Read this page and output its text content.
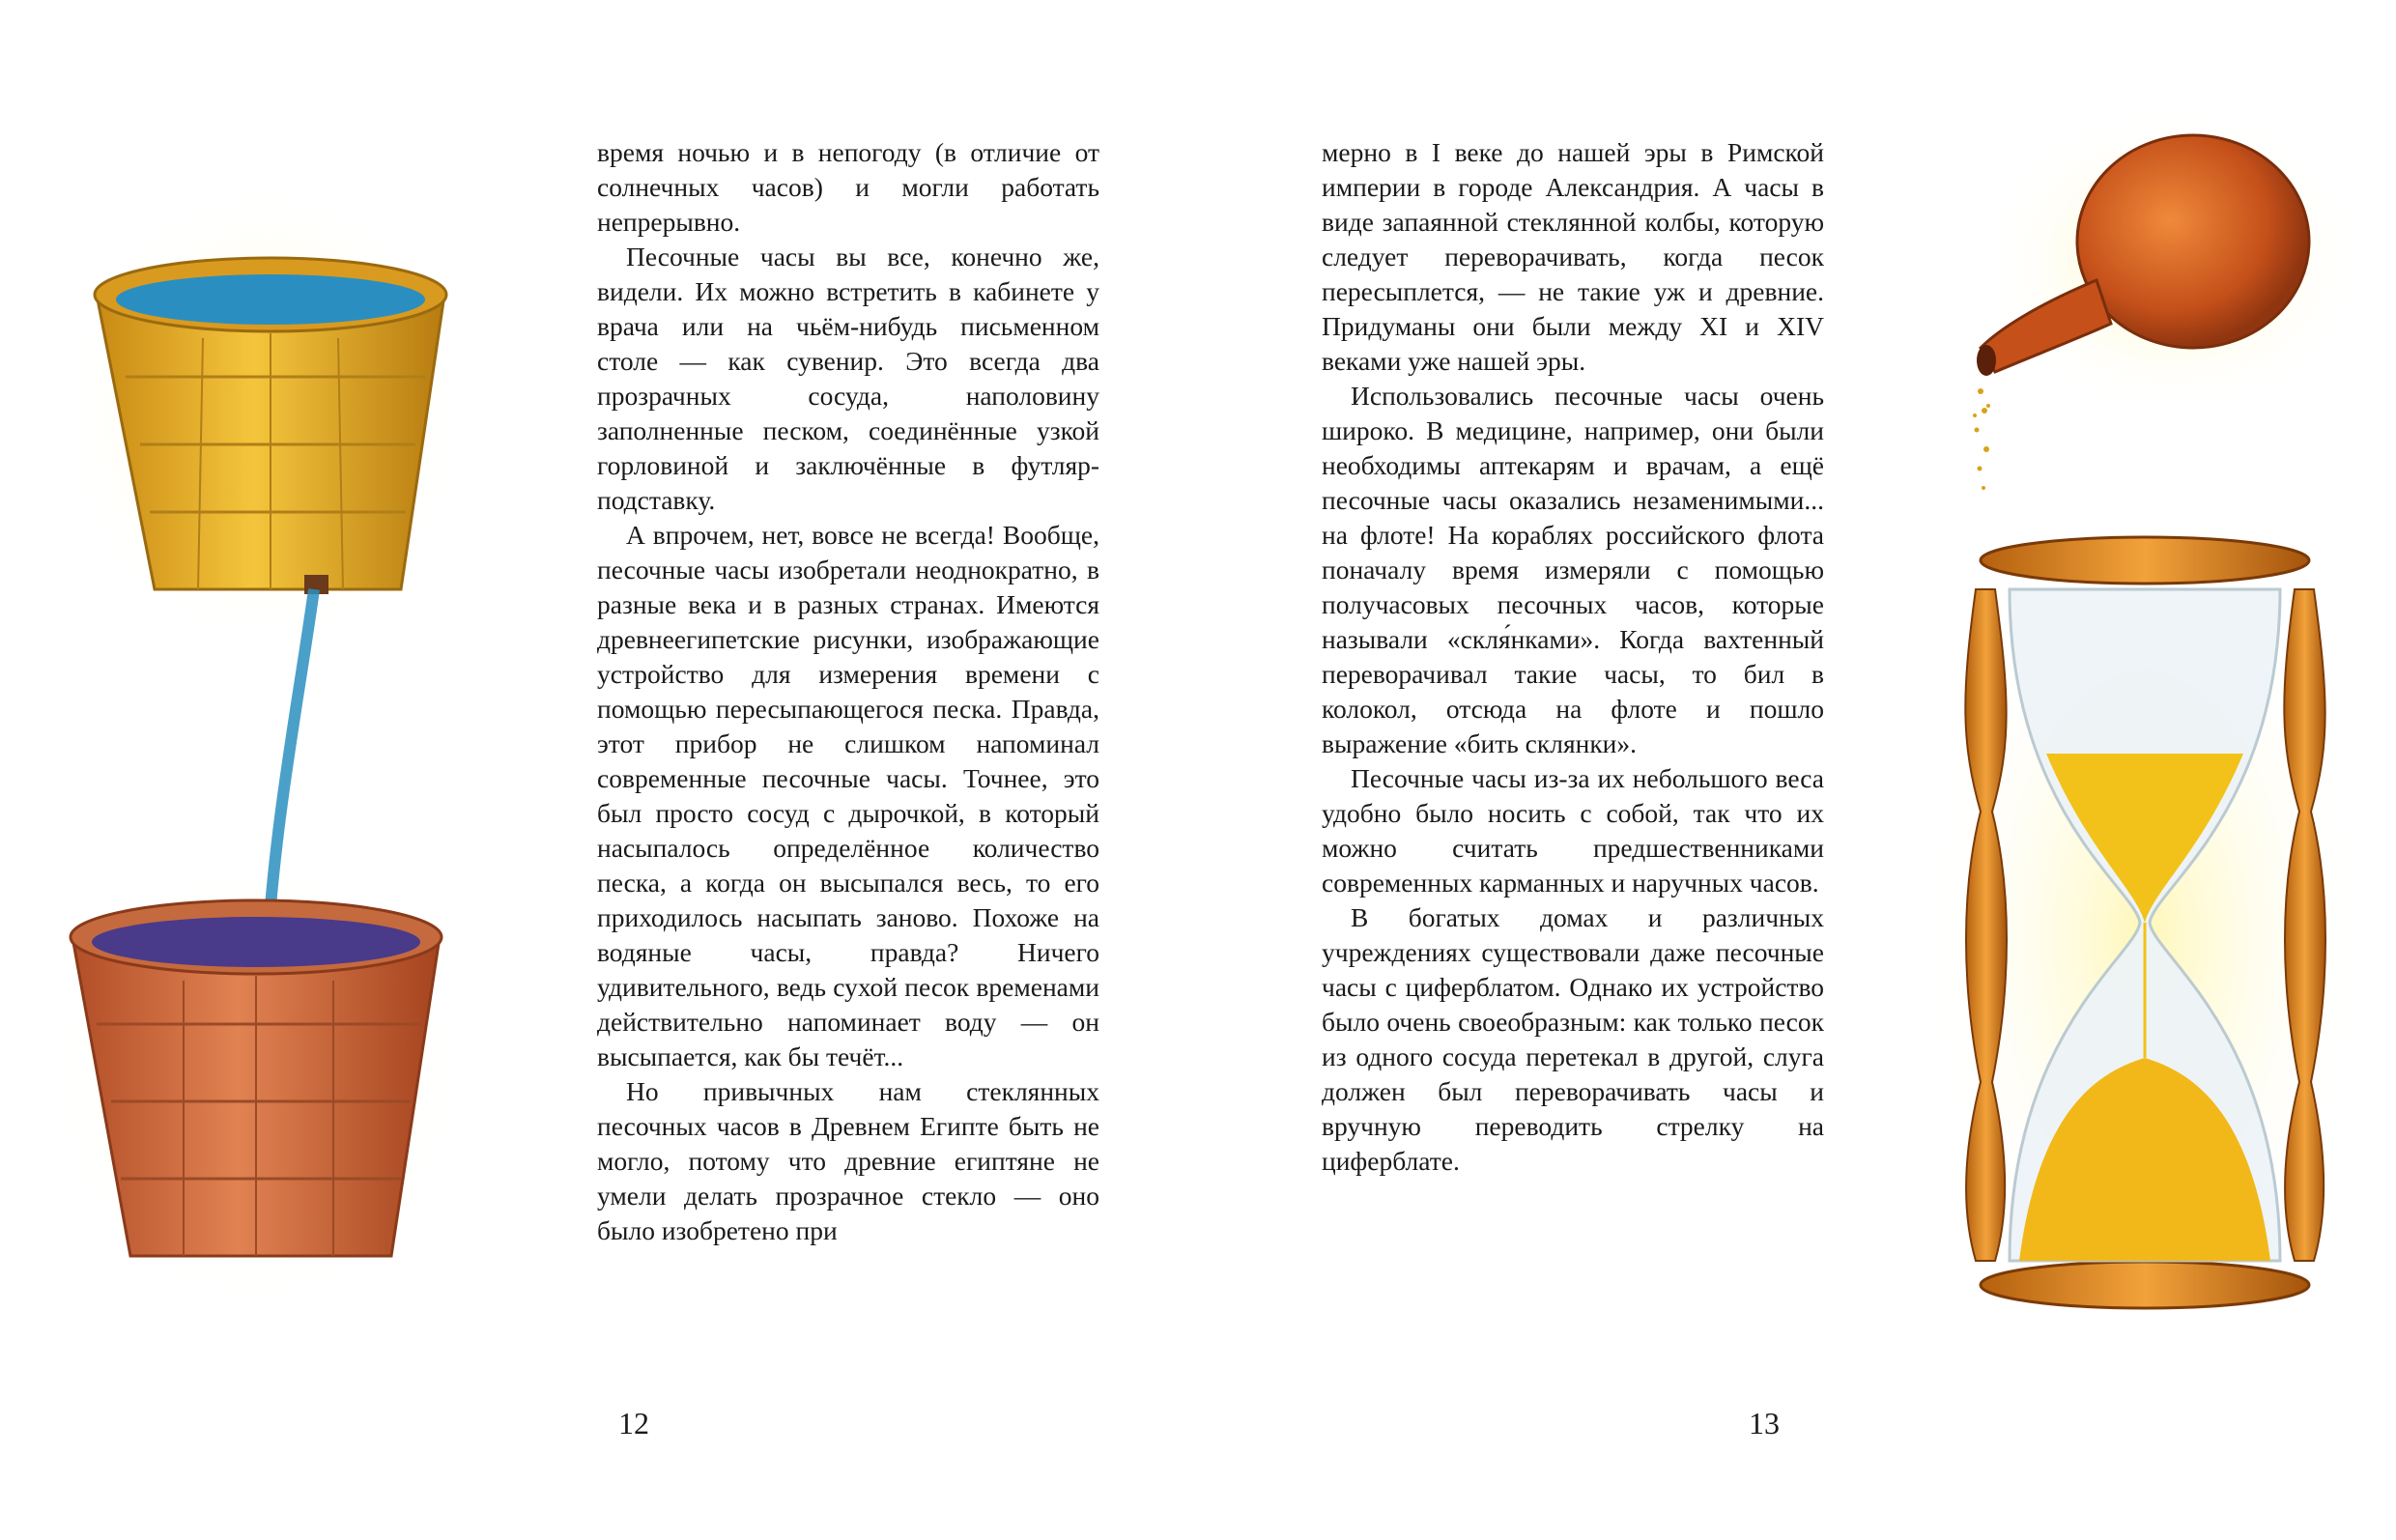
время ночью и в непогоду (в отличие от солнечных часов) и могли работать непрерывно.

Песочные часы вы все, конечно же, видели. Их можно встретить в кабинете у врача или на чьём-нибудь письменном столе — как сувенир. Это всегда два прозрачных сосуда, наполовину заполненные песком, соединённые узкой горловиной и заключённые в футляр-подставку.

А впрочем, нет, вовсе не всегда! Вообще, песочные часы изобретали неоднократно, в разные века и в разных странах. Имеются древнеегипетские рисунки, изображающие устройство для измерения времени с помощью пересыпающегося песка. Правда, этот прибор не слишком напоминал современные песочные часы. Точнее, это был просто сосуд с дырочкой, в который насыпалось определённое количество песка, а когда он высыпался весь, то его приходилось насыпать заново. Похоже на водяные часы, правда? Ничего удивительного, ведь сухой песок временами действительно напоминает воду — он высыпается, как бы течёт...

Но привычных нам стеклянных песочных часов в Древнем Египте быть не могло, потому что древние египтяне не умели делать прозрачное стекло — оно было изобретено при

12

мерно в I веке до нашей эры в Римской империи в городе Александрия. А часы в виде запаянной стеклянной колбы, которую следует переворачивать, когда песок пересыплется, — не такие уж и древние. Придуманы они были между XI и XIV веками уже нашей эры.

Использовались песочные часы очень широко. В медицине, например, они были необходимы аптекарям и врачам, а ещё песочные часы оказались незаменимыми... на флоте! На кораблях российского флота поначалу время измеряли с помощью получасовых песочных часов, которые называли «скля́нками». Когда вахтенный переворачивал такие часы, то бил в колокол, отсюда на флоте и пошло выражение «бить склянки».

Песочные часы из-за их небольшого веса удобно было носить с собой, так что их можно считать предшественниками современных карманных и наручных часов.

В богатых домах и различных учреждениях существовали даже песочные часы с циферблатом. Однако их устройство было очень своеобразным: как только песок из одного сосуда перетекал в другой, слуга должен был переворачивать часы и вручную переводить стрелку на циферблате.

13
